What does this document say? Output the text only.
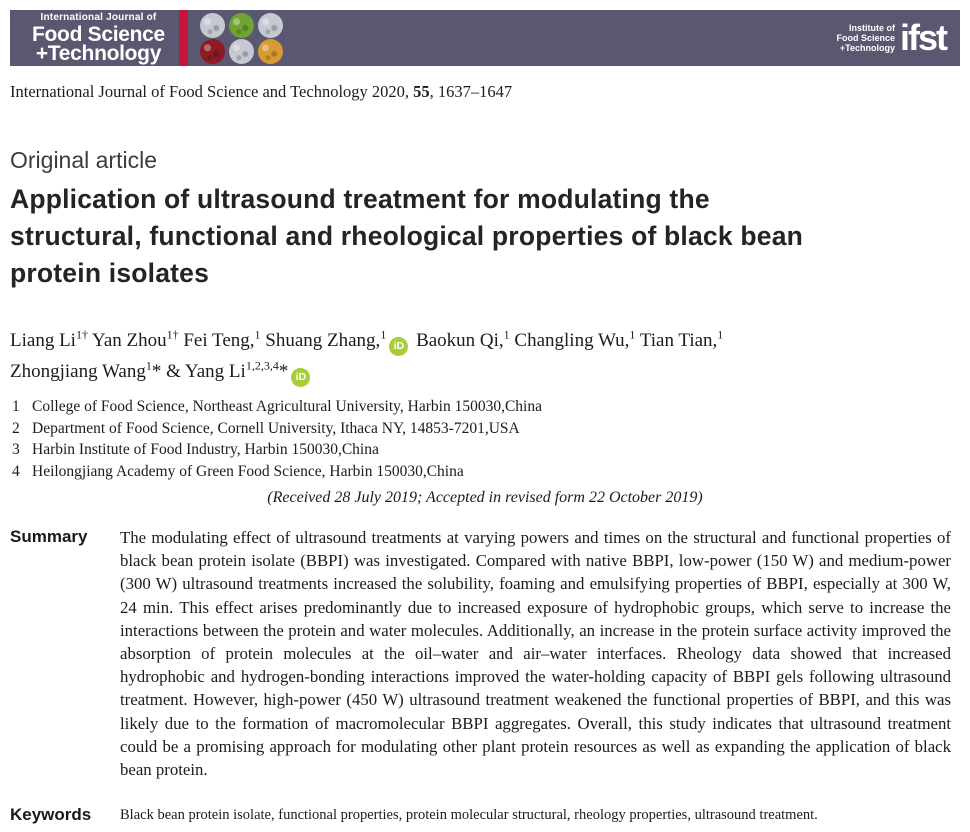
International Journal of
Food Science
+Technology
Institute of
Food Science
+Technology ifst
International Journal of Food Science and Technology 2020, 55, 1637–1647
Original article
Application of ultrasound treatment for modulating the
structural, functional and rheological properties of black bean
protein isolates
Liang $Li^{1\dagger}$ Yan Zhou$^{1\dagger}$ Fei Teng,$^1$ Shuang Zhang,$^1$iD Baokun Qi,$^1$ Changling Wu,$^1$ Tian Tian,$^1$
Zhongjiang Wang$^1$* & Yang Li$^{1,2,3,4}$* iD
1 College of Food Science, Northeast Agricultural University, Harbin 150030,China
2 Department of Food Science, Cornell University, Ithaca NY, 14853-7201,USA
3 Harbin Institute of Food Industry, Harbin 150030,China
4 Heilongjiang Academy of Green Food Science, Harbin 150030,China
(Received 28 July 2019; Accepted in revised form 22 October 2019)
Summary	The modulating effect of ultrasound treatments at varying powers and times on the structural and functional properties of black bean protein isolate (BBPI) was investigated. Compared with native BBPI, low-power (150 W) and medium-power (300 W) ultrasound treatments increased the solubility, foaming and emulsifying properties of BBPI, especially at 300 W, 24 min. This effect arises predominantly due to increased exposure of hydrophobic groups, which serve to increase the interactions between the protein and water molecules. Additionally, an increase in the protein surface activity improved the absorption of protein molecules at the oil–water and air–water interfaces. Rheology data showed that increased hydrophobic and hydrogen-bonding interactions improved the water-holding capacity of BBPI gels following ultrasound treatment. However, high-power (450 W) ultrasound treatment weakened the functional properties of BBPI, and this was likely due to the formation of macromolecular BBPI aggregates. Overall, this study indicates that ultrasound treatment could be a promising approach for modulating other plant protein resources as well as expanding the application of black bean protein.
Keywords	Black bean protein isolate, functional properties, protein molecular structural, rheology properties, ultrasound treatment.
